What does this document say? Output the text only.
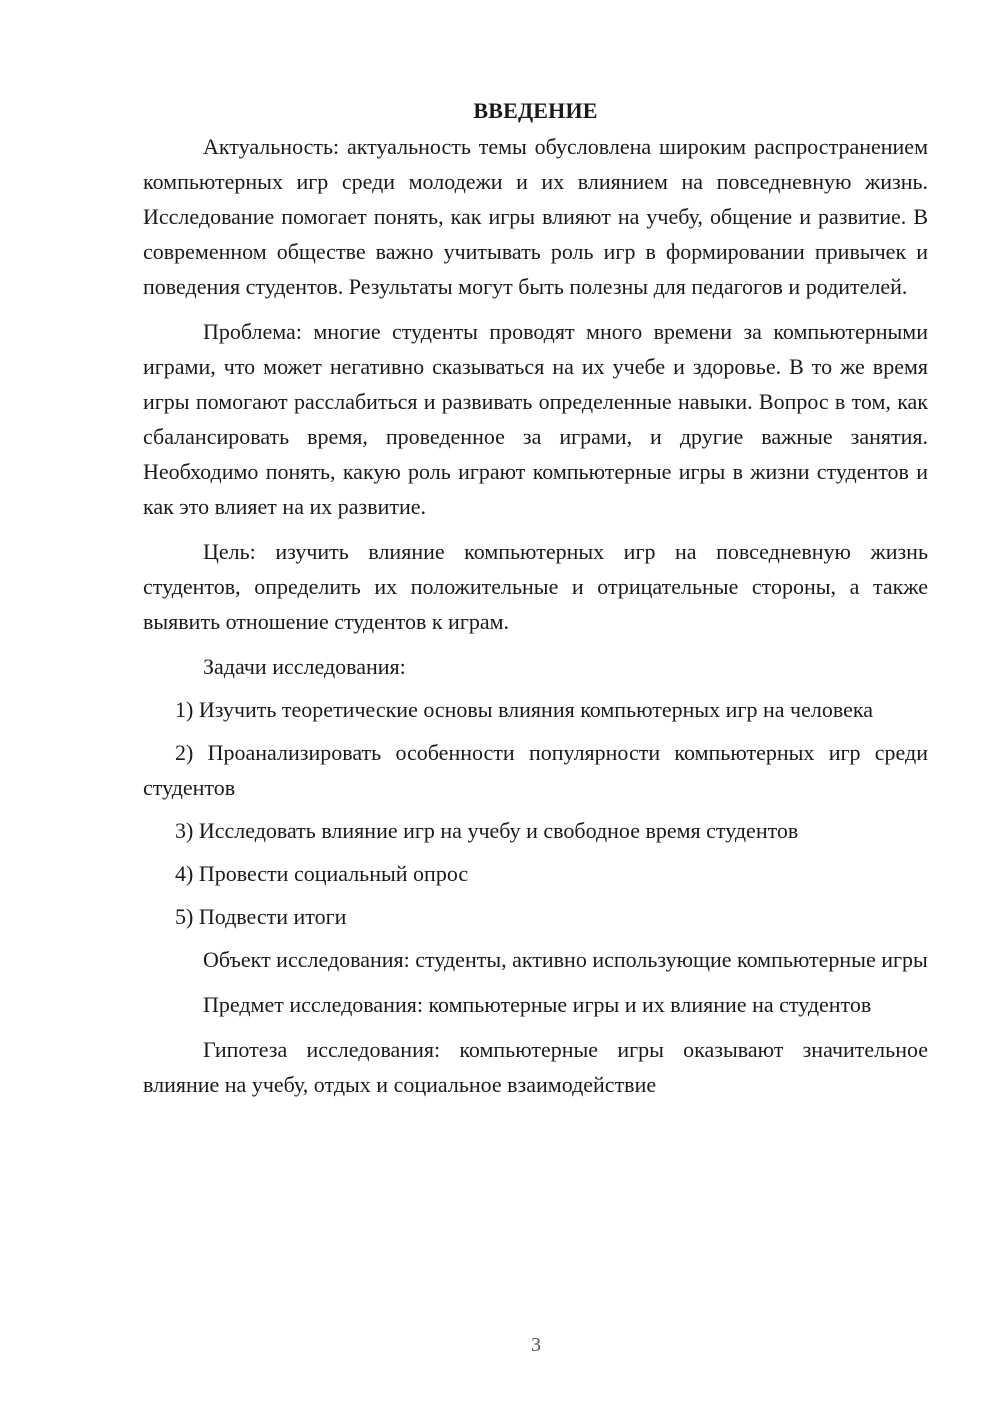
ВВЕДЕНИЕ

Актуальность: актуальность темы обусловлена широким распространением компьютерных игр среди молодежи и их влиянием на повседневную жизнь. Исследование помогает понять, как игры влияют на учебу, общение и развитие. В современном обществе важно учитывать роль игр в формировании привычек и поведения студентов. Результаты могут быть полезны для педагогов и родителей.

Проблема: многие студенты проводят много времени за компьютерными играми, что может негативно сказываться на их учебе и здоровье. В то же время игры помогают расслабиться и развивать определенные навыки. Вопрос в том, как сбалансировать время, проведенное за играми, и другие важные занятия. Необходимо понять, какую роль играют компьютерные игры в жизни студентов и как это влияет на их развитие.

Цель: изучить влияние компьютерных игр на повседневную жизнь студентов, определить их положительные и отрицательные стороны, а также выявить отношение студентов к играм.

Задачи исследования:

1) Изучить теоретические основы влияния компьютерных игр на человека

2) Проанализировать особенности популярности компьютерных игр среди студентов

3) Исследовать влияние игр на учебу и свободное время студентов

4) Провести социальный опрос

5) Подвести итоги

Объект исследования: студенты, активно использующие компьютерные игры

Предмет исследования: компьютерные игры и их влияние на студентов

Гипотеза исследования: компьютерные игры оказывают значительное влияние на учебу, отдых и социальное взаимодействие

3
